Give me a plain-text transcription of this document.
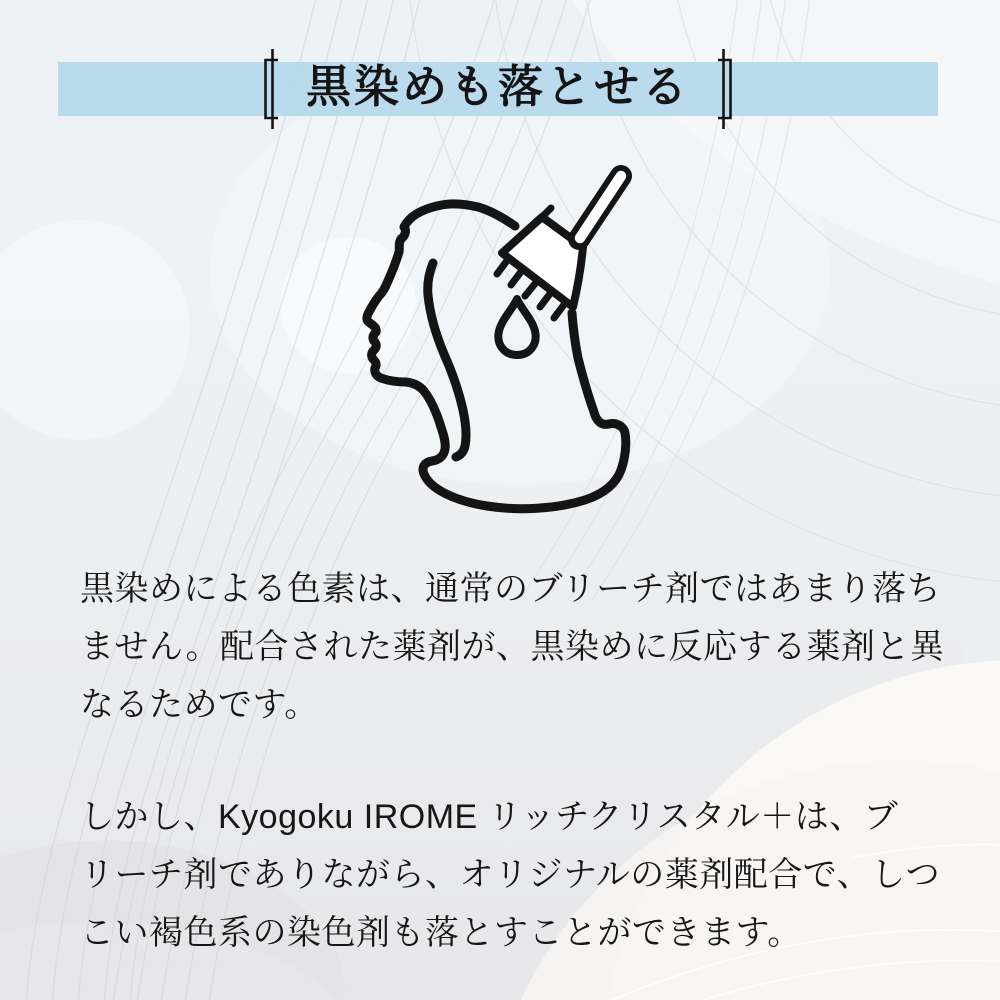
黒染めも落とせる

黒染めによる色素は、通常のブリーチ剤ではあまり落ち
ません。配合された薬剤が、黒染めに反応する薬剤と異
なるためです。

しかし、Kyogoku IROME リッチクリスタル＋は、ブ
リーチ剤でありながら、オリジナルの薬剤配合で、しつ
こい褐色系の染色剤も落とすことができます。
